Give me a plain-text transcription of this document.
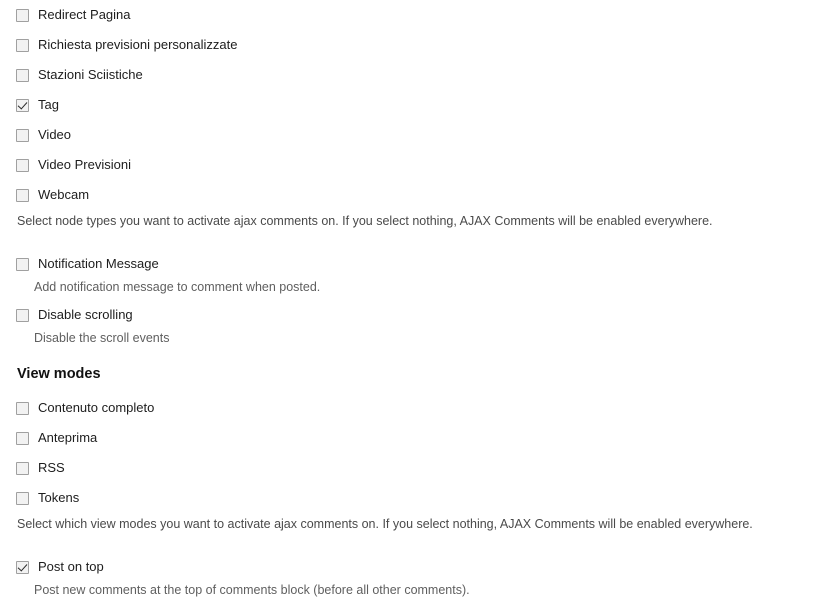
Redirect Pagina
Richiesta previsioni personalizzate
Stazioni Sciistiche
Tag
Video
Video Previsioni
Webcam
Select node types you want to activate ajax comments on. If you select nothing, AJAX Comments will be enabled everywhere.
Notification Message
Add notification message to comment when posted.
Disable scrolling
Disable the scroll events
View modes
Contenuto completo
Anteprima
RSS
Tokens
Select which view modes you want to activate ajax comments on. If you select nothing, AJAX Comments will be enabled everywhere.
Post on top
Post new comments at the top of comments block (before all other comments).
